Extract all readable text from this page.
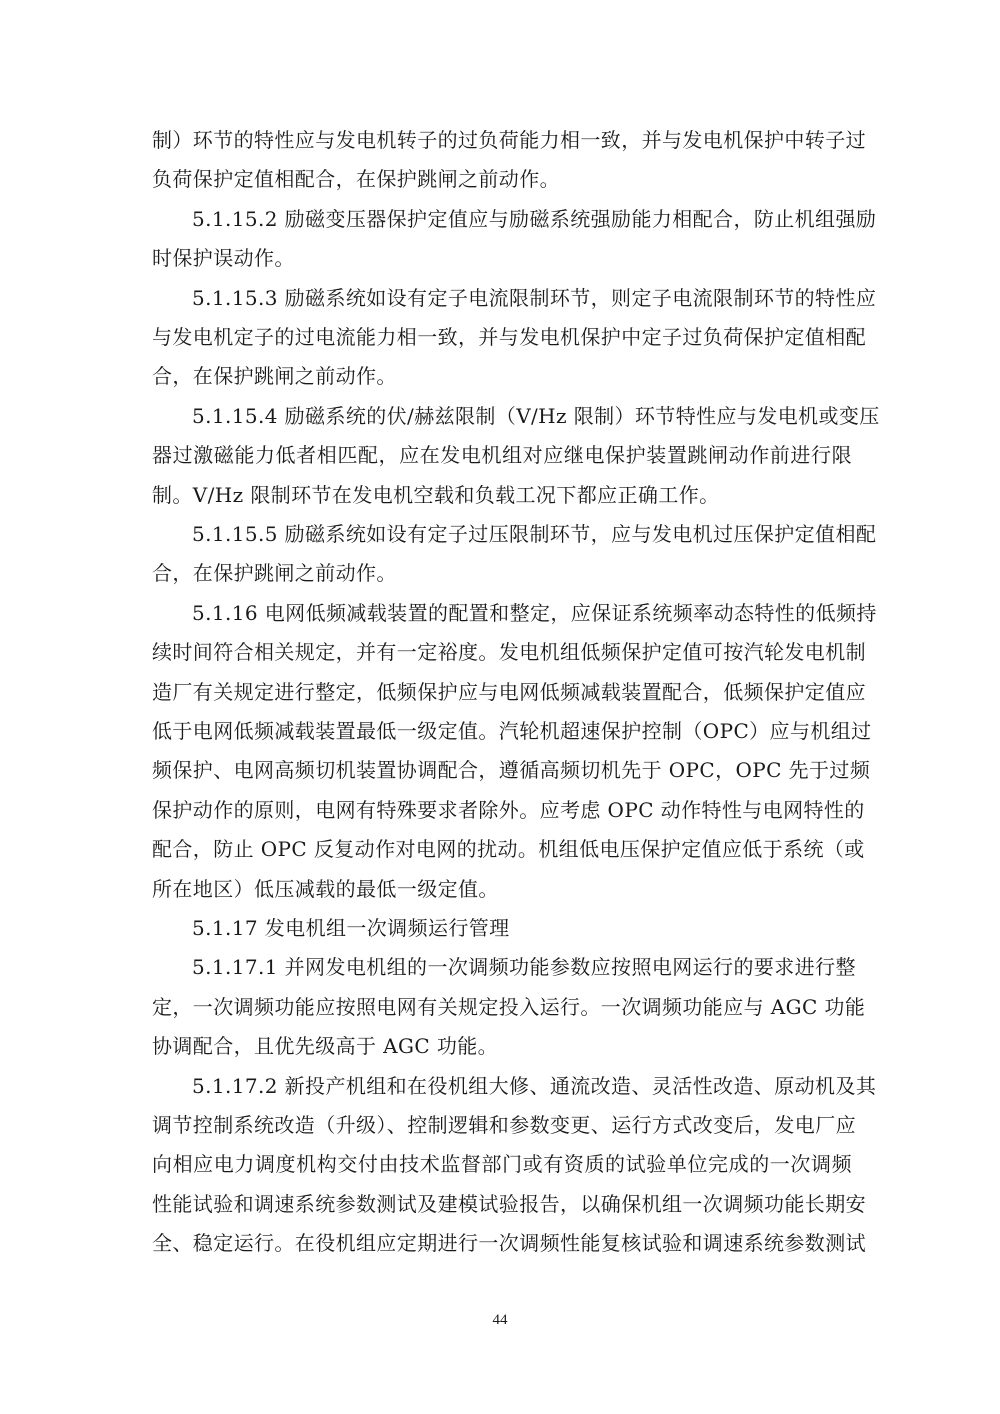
制）环节的特性应与发电机转子的过负荷能力相一致，并与发电机保护中转子过
负荷保护定值相配合，在保护跳闸之前动作。
5.1.15.2 励磁变压器保护定值应与励磁系统强励能力相配合，防止机组强励
时保护误动作。
5.1.15.3 励磁系统如设有定子电流限制环节，则定子电流限制环节的特性应
与发电机定子的过电流能力相一致，并与发电机保护中定子过负荷保护定值相配
合，在保护跳闸之前动作。
5.1.15.4 励磁系统的伏/赫兹限制（V/Hz 限制）环节特性应与发电机或变压
器过激磁能力低者相匹配，应在发电机组对应继电保护装置跳闸动作前进行限
制。V/Hz 限制环节在发电机空载和负载工况下都应正确工作。
5.1.15.5 励磁系统如设有定子过压限制环节，应与发电机过压保护定值相配
合，在保护跳闸之前动作。
5.1.16 电网低频减载装置的配置和整定，应保证系统频率动态特性的低频持
续时间符合相关规定，并有一定裕度。发电机组低频保护定值可按汽轮发电机制
造厂有关规定进行整定，低频保护应与电网低频减载装置配合，低频保护定值应
低于电网低频减载装置最低一级定值。汽轮机超速保护控制（OPC）应与机组过
频保护、电网高频切机装置协调配合，遵循高频切机先于 OPC，OPC 先于过频
保护动作的原则，电网有特殊要求者除外。应考虑 OPC 动作特性与电网特性的
配合，防止 OPC 反复动作对电网的扰动。机组低电压保护定值应低于系统（或
所在地区）低压减载的最低一级定值。
5.1.17 发电机组一次调频运行管理
5.1.17.1 并网发电机组的一次调频功能参数应按照电网运行的要求进行整
定，一次调频功能应按照电网有关规定投入运行。一次调频功能应与 AGC 功能
协调配合，且优先级高于 AGC 功能。
5.1.17.2 新投产机组和在役机组大修、通流改造、灵活性改造、原动机及其
调节控制系统改造（升级）、控制逻辑和参数变更、运行方式改变后，发电厂应
向相应电力调度机构交付由技术监督部门或有资质的试验单位完成的一次调频
性能试验和调速系统参数测试及建模试验报告，以确保机组一次调频功能长期安
全、稳定运行。在役机组应定期进行一次调频性能复核试验和调速系统参数测试
44
